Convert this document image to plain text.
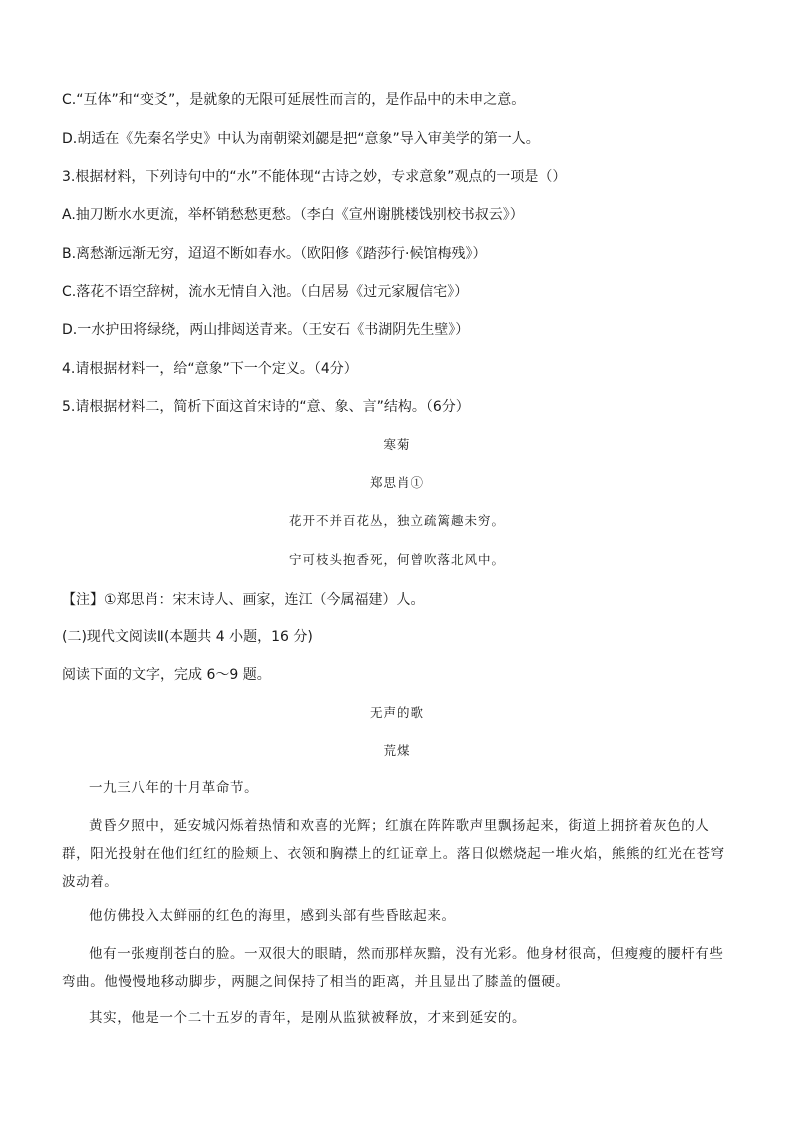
C.“互体”和“变爻”，是就象的无限可延展性而言的，是作品中的未申之意。
D.胡适在《先秦名学史》中认为南朝梁刘勰是把“意象”导入审美学的第一人。
3.根据材料，下列诗句中的“水”不能体现“古诗之妙，专求意象”观点的一项是（）
A.抽刀断水水更流，举杯销愁愁更愁。（李白《宣州谢朓楼饯别校书叔云》）
B.离愁渐远渐无穷，迢迢不断如春水。（欧阳修《踏莎行·候馆梅残》）
C.落花不语空辞树，流水无情自入池。（白居易《过元家履信宅》）
D.一水护田将绿绕，两山排闼送青来。（王安石《书湖阴先生壁》）
4.请根据材料一，给“意象”下一个定义。（4分）
5.请根据材料二，简析下面这首宋诗的“意、象、言”结构。（6分）
寒菊
郑思肖①
花开不并百花丛，独立疏篱趣未穷。
宁可枝头抱香死，何曾吹落北风中。
【注】①郑思肖：宋末诗人、画家，连江（今属福建）人。
(二)现代文阅读Ⅱ(本题共 4 小题，16 分)
阅读下面的文字，完成 6～9 题。
无声的歌
荒煤
一九三八年的十月革命节。
黄昏夕照中，延安城闪烁着热情和欢喜的光辉；红旗在阵阵歌声里飘扬起来，街道上拥挤着灰色的人群，阳光投射在他们红红的脸颊上、衣领和胸襟上的红证章上。落日似燃烧起一堆火焰，熊熊的红光在苍穹波动着。
他仿佛投入太鲜丽的红色的海里，感到头部有些昏眩起来。
他有一张瘦削苍白的脸。一双很大的眼睛，然而那样灰黯，没有光彩。他身材很高，但瘦瘦的腰杆有些弯曲。他慢慢地移动脚步，两腿之间保持了相当的距离，并且显出了膝盖的僵硬。
其实，他是一个二十五岁的青年，是刚从监狱被释放，才来到延安的。
